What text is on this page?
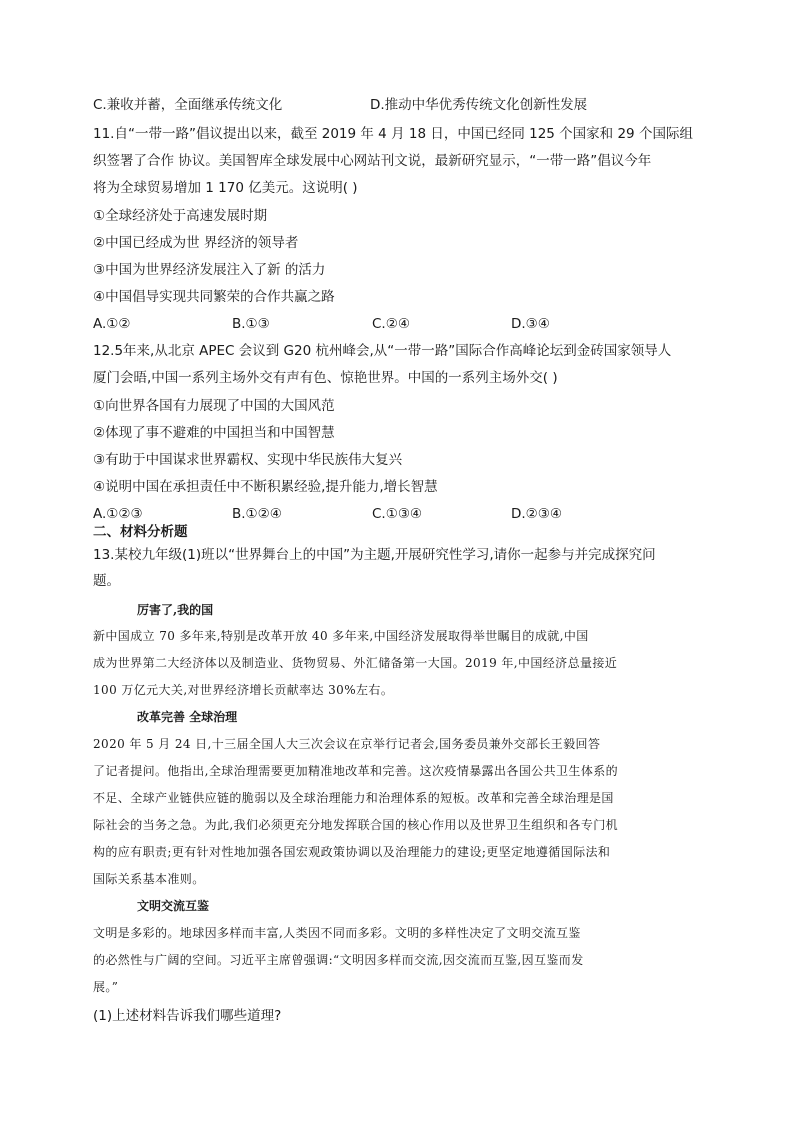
C.兼收并蓄，全面继承传统文化	D.推动中华优秀传统文化创新性发展
11.自“一带一路”倡议提出以来，截至 2019 年 4 月 18 日，中国已经同 125 个国家和 29 个国际组
织签署了合作 协议。美国智库全球发展中心网站刊文说，最新研究显示，“一带一路”倡议今年
将为全球贸易增加 1 170 亿美元。这说明( )
①全球经济处于高速发展时期
②中国已经成为世 界经济的领导者
③中国为世界经济发展注入了新 的活力
④中国倡导实现共同繁荣的合作共赢之路
A.①②	B.①③	C.②④	D.③④
12.5年来,从北京 APEC 会议到 G20 杭州峰会,从“一带一路”国际合作高峰论坛到金砖国家领导人
厦门会晤,中国一系列主场外交有声有色、惊艳世界。中国的一系列主场外交( )
①向世界各国有力展现了中国的大国风范
②体现了事不避难的中国担当和中国智慧
③有助于中国谋求世界霸权、实现中华民族伟大复兴
④说明中国在承担责任中不断积累经验,提升能力,增长智慧
A.①②③	B.①②④	C.①③④	D.②③④
二、材料分析题
13.某校九年级(1)班以“世界舞台上的中国”为主题,开展研究性学习,请你一起参与并完成探究问
题。
厉害了,我的国
新中国成立 70 多年来,特别是改革开放 40 多年来,中国经济发展取得举世瞩目的成就,中国
成为世界第二大经济体以及制造业、货物贸易、外汇储备第一大国。2019 年,中国经济总量接近
100 万亿元大关,对世界经济增长贡献率达 30%左右。
改革完善 全球治理
2020 年 5 月 24 日,十三届全国人大三次会议在京举行记者会,国务委员兼外交部长王毅回答
了记者提问。他指出,全球治理需要更加精准地改革和完善。这次疫情暴露出各国公共卫生体系的
不足、全球产业链供应链的脆弱以及全球治理能力和治理体系的短板。改革和完善全球治理是国
际社会的当务之急。为此,我们必须更充分地发挥联合国的核心作用以及世界卫生组织和各专门机
构的应有职责;更有针对性地加强各国宏观政策协调以及治理能力的建设;更坚定地遵循国际法和
国际关系基本准则。
文明交流互鉴
文明是多彩的。地球因多样而丰富,人类因不同而多彩。文明的多样性决定了文明交流互鉴
的必然性与广阔的空间。习近平主席曾强调:“文明因多样而交流,因交流而互鉴,因互鉴而发
展。”
(1)上述材料告诉我们哪些道理?
